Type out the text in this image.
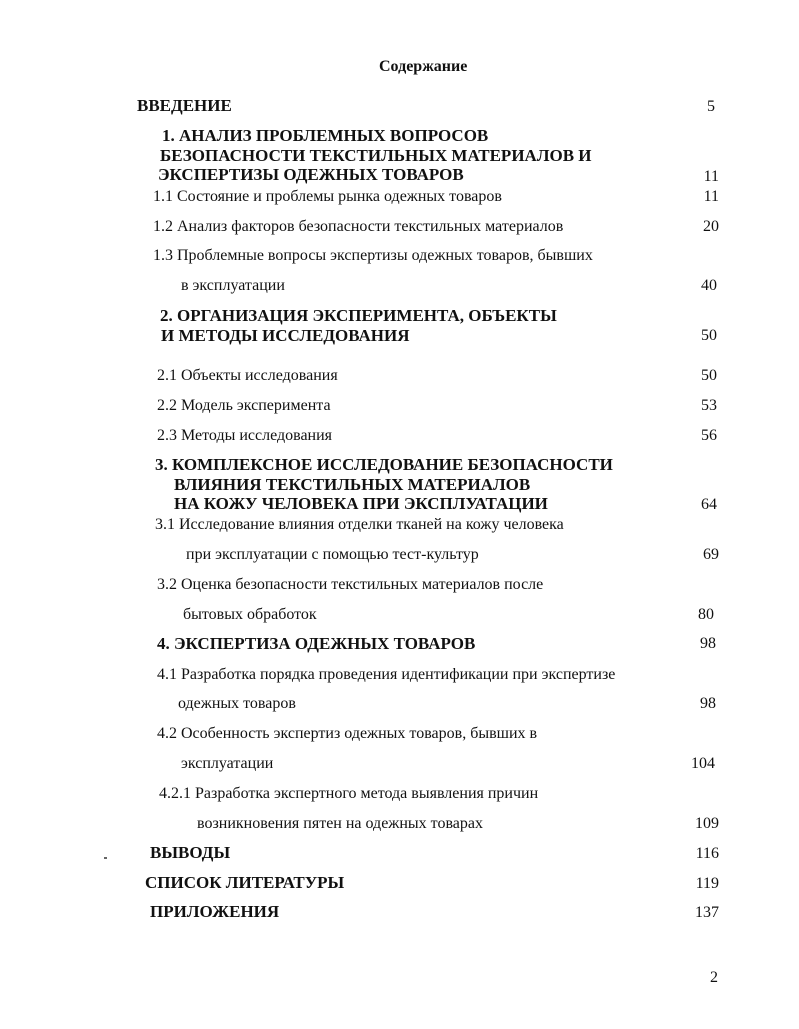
Содержание
ВВЕДЕНИЕ	5
1. АНАЛИЗ ПРОБЛЕМНЫХ ВОПРОСОВ
БЕЗОПАСНОСТИ ТЕКСТИЛЬНЫХ МАТЕРИАЛОВ И
ЭКСПЕРТИЗЫ ОДЕЖНЫХ ТОВАРОВ	11
1.1 Состояние и проблемы рынка одежных товаров	11
1.2 Анализ факторов безопасности текстильных материалов	20
1.3 Проблемные вопросы экспертизы одежных товаров, бывших
в эксплуатации	40
2. ОРГАНИЗАЦИЯ ЭКСПЕРИМЕНТА, ОБЪЕКТЫ
И МЕТОДЫ ИССЛЕДОВАНИЯ	50
2.1 Объекты исследования	50
2.2 Модель эксперимента	53
2.3 Методы исследования	56
3. КОМПЛЕКСНОЕ ИССЛЕДОВАНИЕ БЕЗОПАСНОСТИ
ВЛИЯНИЯ ТЕКСТИЛЬНЫХ МАТЕРИАЛОВ
НА КОЖУ ЧЕЛОВЕКА ПРИ ЭКСПЛУАТАЦИИ	64
3.1 Исследование влияния отделки тканей на кожу человека
при эксплуатации с помощью тест-культур	69
3.2 Оценка безопасности текстильных материалов после
бытовых обработок	80
4. ЭКСПЕРТИЗА ОДЕЖНЫХ ТОВАРОВ	98
4.1 Разработка порядка проведения идентификации при экспертизе
одежных товаров	98
4.2 Особенность экспертиз одежных товаров, бывших в
эксплуатации	104
4.2.1 Разработка экспертного метода выявления причин
возникновения пятен на одежных товарах	109
ВЫВОДЫ	116
СПИСОК ЛИТЕРАТУРЫ	119
ПРИЛОЖЕНИЯ	137
2
